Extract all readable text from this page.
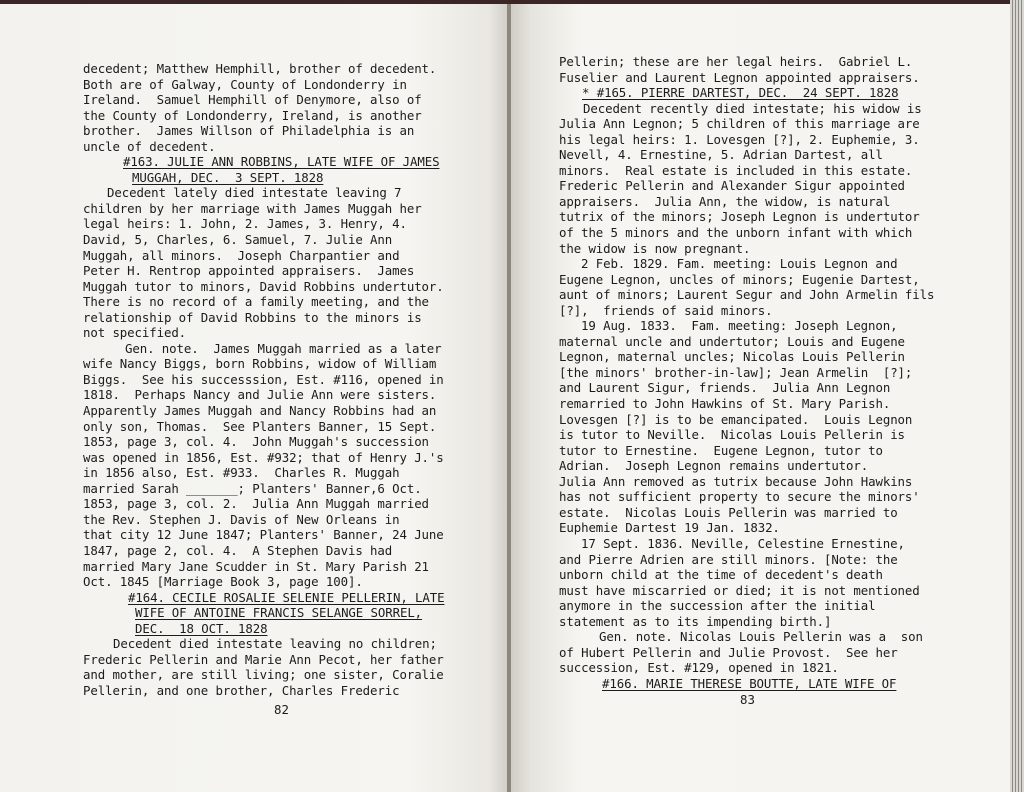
decedent; Matthew Hemphill, brother of decedent.
Both are of Galway, County of Londonderry in
Ireland.  Samuel Hemphill of Denymore, also of
the County of Londonderry, Ireland, is another
brother.  James Willson of Philadelphia is an
uncle of decedent.
#163. JULIE ANN ROBBINS, LATE WIFE OF JAMES
MUGGAH, DEC.  3 SEPT. 1828
Decedent lately died intestate leaving 7
children by her marriage with James Muggah her
legal heirs: 1. John, 2. James, 3. Henry, 4.
David, 5, Charles, 6. Samuel, 7. Julie Ann
Muggah, all minors.  Joseph Charpantier and
Peter H. Rentrop appointed appraisers.  James
Muggah tutor to minors, David Robbins undertutor.
There is no record of a family meeting, and the
relationship of David Robbins to the minors is
not specified.
Gen. note.  James Muggah married as a later
wife Nancy Biggs, born Robbins, widow of William
Biggs.  See his successsion, Est. #116, opened in
1818.  Perhaps Nancy and Julie Ann were sisters.
Apparently James Muggah and Nancy Robbins had an
only son, Thomas.  See Planters Banner, 15 Sept.
1853, page 3, col. 4.  John Muggah's succession
was opened in 1856, Est. #932; that of Henry J.'s
in 1856 also, Est. #933.  Charles R. Muggah
married Sarah _______; Planters' Banner,6 Oct.
1853, page 3, col. 2.  Julia Ann Muggah married
the Rev. Stephen J. Davis of New Orleans in
that city 12 June 1847; Planters' Banner, 24 June
1847, page 2, col. 4.  A Stephen Davis had
married Mary Jane Scudder in St. Mary Parish 21
Oct. 1845 [Marriage Book 3, page 100].
#164. CECILE ROSALIE SELENIE PELLERIN, LATE
WIFE OF ANTOINE FRANCIS SELANGE SORREL,
DEC.  18 OCT. 1828
Decedent died intestate leaving no children;
Frederic Pellerin and Marie Ann Pecot, her father
and mother, are still living; one sister, Coralie
Pellerin, and one brother, Charles Frederic
82
Pellerin; these are her legal heirs.  Gabriel L.
Fuselier and Laurent Legnon appointed appraisers.
* #165. PIERRE DARTEST, DEC.  24 SEPT. 1828
Decedent recently died intestate; his widow is
Julia Ann Legnon; 5 children of this marriage are
his legal heirs: 1. Lovesgen [?], 2. Euphemie, 3.
Nevell, 4. Ernestine, 5. Adrian Dartest, all
minors.  Real estate is included in this estate.
Frederic Pellerin and Alexander Sigur appointed
appraisers.  Julia Ann, the widow, is natural
tutrix of the minors; Joseph Legnon is undertutor
of the 5 minors and the unborn infant with which
the widow is now pregnant.
2 Feb. 1829. Fam. meeting: Louis Legnon and
Eugene Legnon, uncles of minors; Eugenie Dartest,
aunt of minors; Laurent Segur and John Armelin fils
[?],  friends of said minors.
19 Aug. 1833.  Fam. meeting: Joseph Legnon,
maternal uncle and undertutor; Louis and Eugene
Legnon, maternal uncles; Nicolas Louis Pellerin
[the minors' brother-in-law]; Jean Armelin  [?];
and Laurent Sigur, friends.  Julia Ann Legnon
remarried to John Hawkins of St. Mary Parish.
Lovesgen [?] is to be emancipated.  Louis Legnon
is tutor to Neville.  Nicolas Louis Pellerin is
tutor to Ernestine.  Eugene Legnon, tutor to
Adrian.  Joseph Legnon remains undertutor.
Julia Ann removed as tutrix because John Hawkins
has not sufficient property to secure the minors'
estate.  Nicolas Louis Pellerin was married to
Euphemie Dartest 19 Jan. 1832.
17 Sept. 1836. Neville, Celestine Ernestine,
and Pierre Adrien are still minors. [Note: the
unborn child at the time of decedent's death
must have miscarried or died; it is not mentioned
anymore in the succession after the initial
statement as to its impending birth.]
Gen. note. Nicolas Louis Pellerin was a  son
of Hubert Pellerin and Julie Provost.  See her
succession, Est. #129, opened in 1821.
#166. MARIE THERESE BOUTTE, LATE WIFE OF
83
